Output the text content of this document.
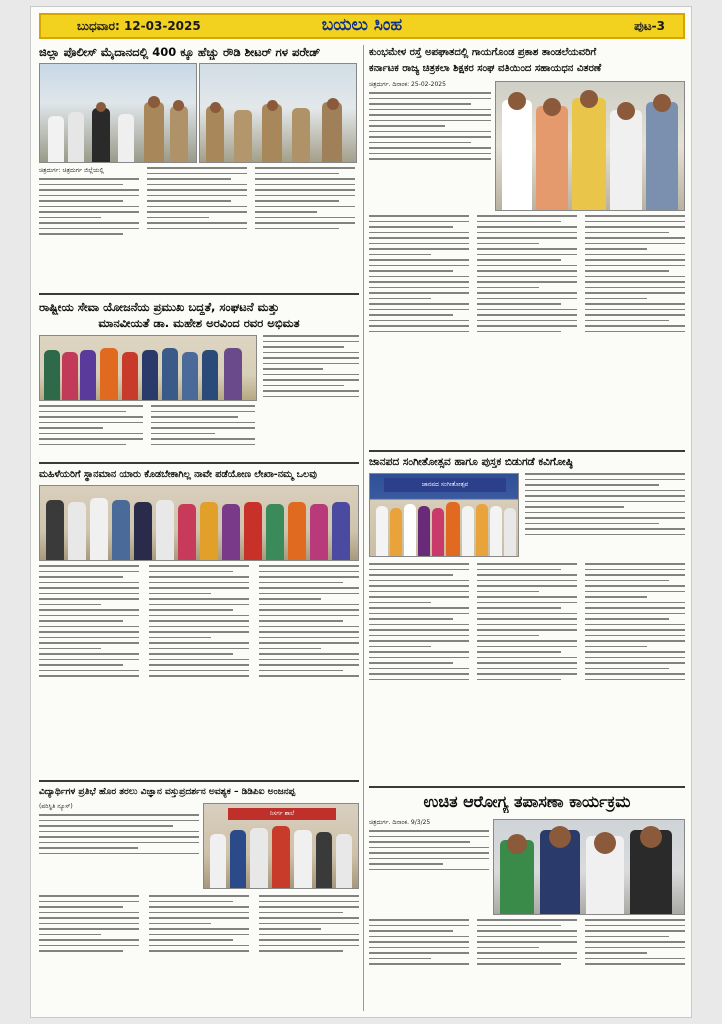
ಬುಧವಾರ: 12-03-2025	ಬಯಲು ಸಿಂಹ	ಪುಟ-3
ಜಿಲ್ಲಾ ಪೊಲೀಸ್ ಮೈದಾನದಲ್ಲಿ 400 ಕ್ಕೂ ಹೆಚ್ಚು ರೌಡಿ ಶೀಟರ್ ಗಳ ಪರೇಡ್
ಚಿತ್ರದುರ್ಗ: ಚಿತ್ರದುರ್ಗ ಜಿಲ್ಲೆಯಲ್ಲಿ
ಕುಂಭಮೇಳ ರಸ್ತೆ ಅಪಘಾತದಲ್ಲಿ ಗಾಯಗೊಂಡ ಪ್ರಕಾಶ ತಾಂಡಲೆಯವರಿಗೆ
ಕರ್ನಾಟಕ ರಾಜ್ಯ ಚಿತ್ರಕಲಾ ಶಿಕ್ಷಕರ ಸಂಘ ವತಿಯಿಂದ ಸಹಾಯಧನ ವಿತರಣೆ
ಚಿತ್ರದುರ್ಗ. ದಿನಾಂಕ: 25-02-2025
ರಾಷ್ಟ್ರೀಯ ಸೇವಾ ಯೋಜನೆಯ ಪ್ರಮುಖ ಬದ್ಧತೆ, ಸಂಘಟನೆ ಮತ್ತು
ಮಾನವೀಯತೆ ಡಾ. ಮಹೇಶ ಅರವಿಂದ ರವರ ಅಭಿಮತ
ಜಾನಪದ ಸಂಗೀತೋತ್ಸವ ಹಾಗೂ ಪುಸ್ತಕ ಬಿಡುಗಡೆ ಕವಿಗೋಷ್ಠಿ
ಜಾನಪದ ಸಂಗೀತೋತ್ಸವ
ಮಹಿಳೆಯರಿಗೆ ಸ್ಥಾನಮಾನ ಯಾರು ಕೊಡಬೇಕಾಗಿಲ್ಲ ನಾವೇ ಪಡೆಯೋಣ ಲೇಖಾ-ನಮ್ಮ ಒಲವು
ವಿದ್ಯಾರ್ಥಿಗಳ ಪ್ರತಿಭೆ ಹೊರ ತರಲು ವಿಜ್ಞಾನ ವಸ್ತುಪ್ರದರ್ಶನ ಅವಶ್ಯಕ – ಡಿಡಿಪಿಐ ಅಂಜನಪ್ಪ
(ಪರಿಸ್ಥಿತಿ ನ್ಯೂಸ್)
ನಿಸರ್ಗ ಶಾಲೆ
ಉಚಿತ ಆರೋಗ್ಯ ತಪಾಸಣಾ ಕಾರ್ಯಕ್ರಮ
ಚಿತ್ರದುರ್ಗ. ದಿನಾಂಕ. 9/3/25
